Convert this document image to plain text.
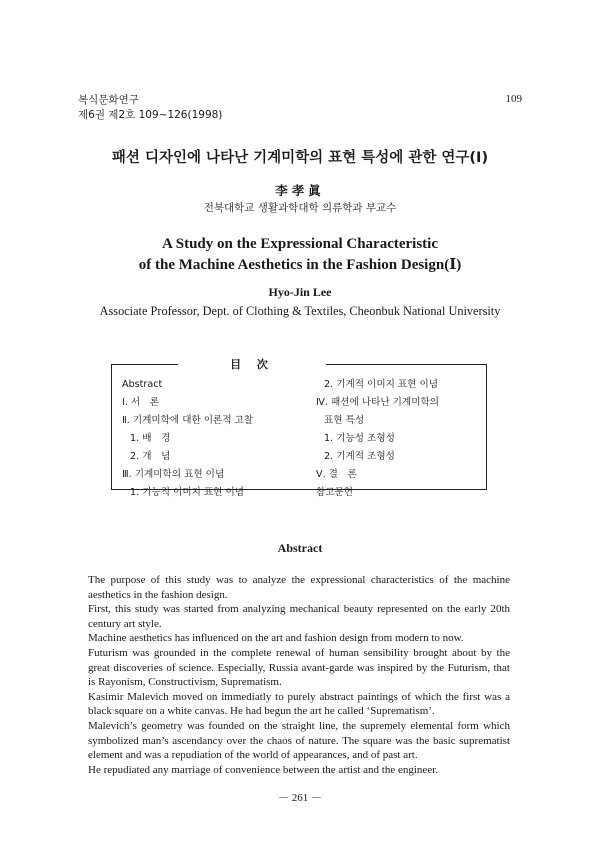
복식문화연구
제6권 제2호 109~126(1998)
109
패션 디자인에 나타난 기계미학의 표현 특성에 관한 연구(Ⅰ)
李孝眞
전북대학교 생활과학대학 의류학과 부교수
A Study on the Expressional Characteristic
of the Machine Aesthetics in the Fashion Design(Ⅰ)
Hyo-Jin Lee
Associate Professor, Dept. of Clothing & Textiles, Cheonbuk National University
目 次
Abstract
Ⅰ. 서　론
Ⅱ. 기계미학에 대한 이론적 고찰
1. 배　경
2. 개　념
Ⅲ. 기계미학의 표현 이념
1. 기능적 이미지 표현 이념
2. 기계적 이미지 표현 이념
Ⅳ. 패션에 나타난 기계미학의
표현 특성
1. 기능성 조형성
2. 기계적 조형성
Ⅴ. 결　론
참고문헌
Abstract

The purpose of this study was to analyze the expressional characteristics of the machine aesthetics in the fashion design.

First, this study was started from analyzing mechanical beauty represented on the early 20th century art style.

Machine aesthetics has influenced on the art and fashion design from modern to now.

Futurism was grounded in the complete renewal of human sensibility brought about by the great discoveries of science. Especially, Russia avant-garde was inspired by the Futurism, that is Rayonism, Constructivism, Suprematism.

Kasimir Malevich moved on immediatly to purely abstract paintings of which the first was a black square on a white canvas. He had begun the art he called ‘Suprematism’.

Malevich’s geometry was founded on the straight line, the supremely elemental form which symbolized man’s ascendancy over the chaos of nature. The square was the basic suprematist element and was a repudiation of the world of appearances, and of past art.

He repudiated any marriage of convenience between the artist and the engineer.

－ 261 －
